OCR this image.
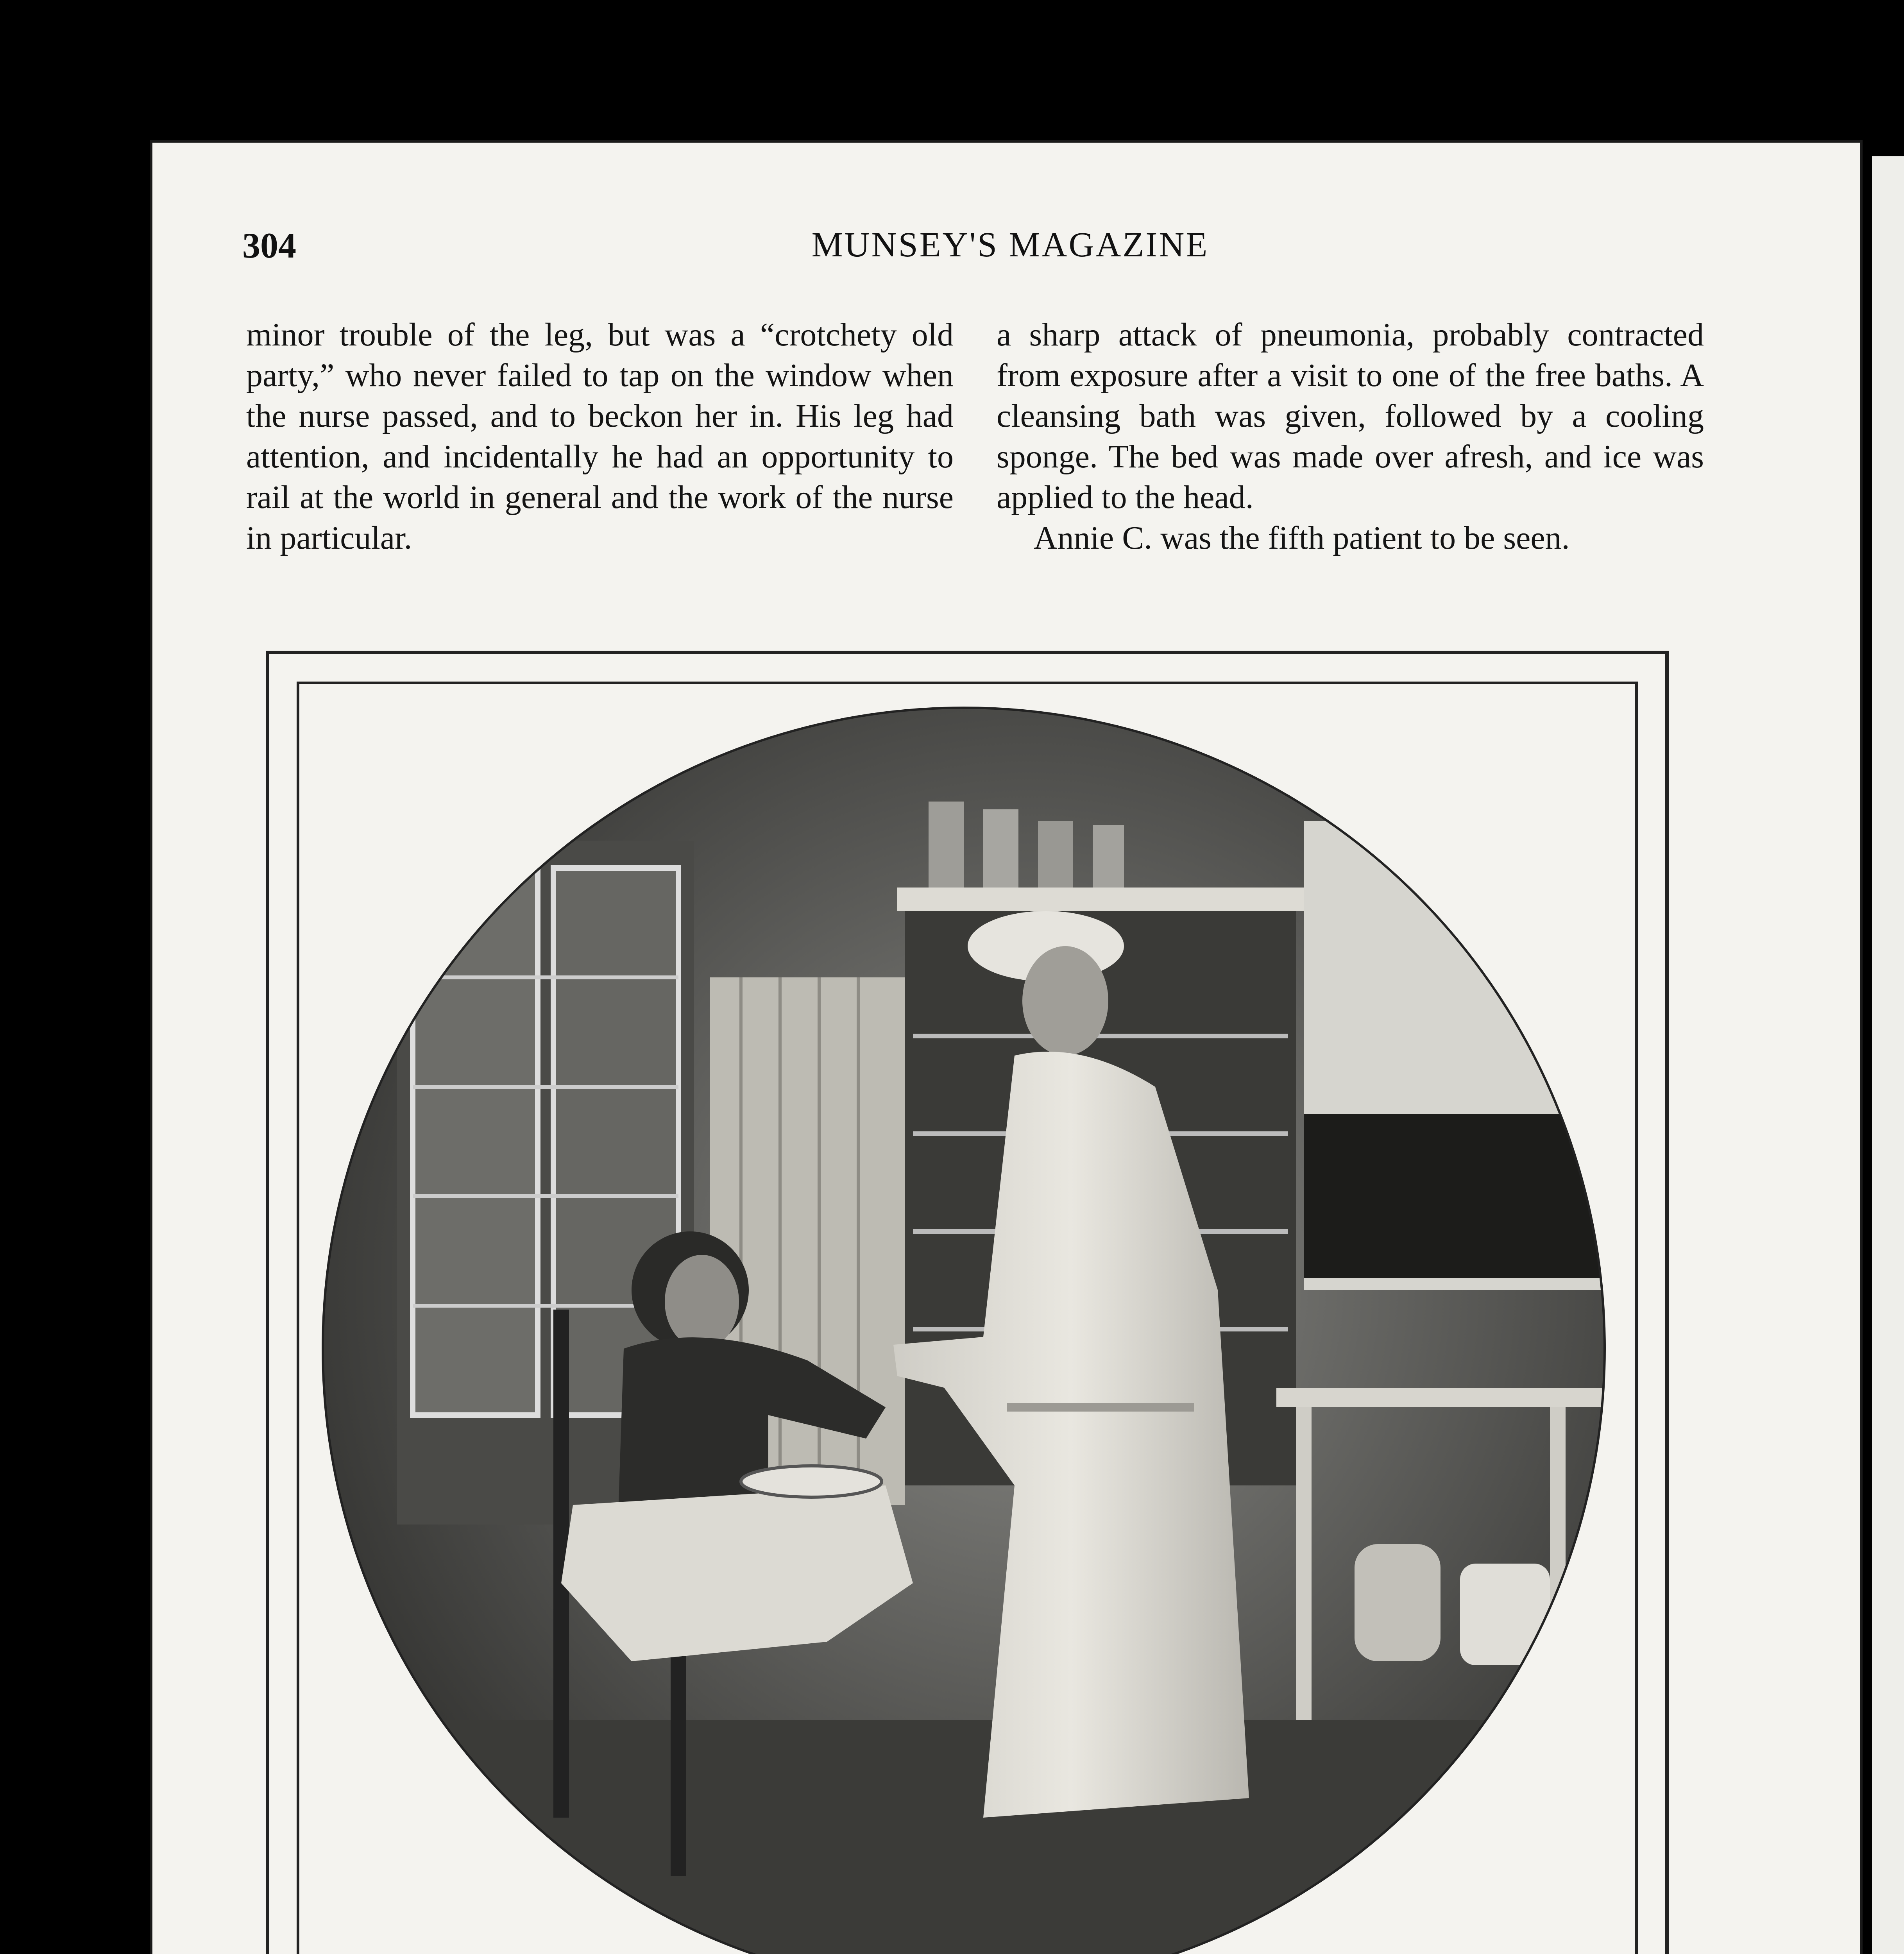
304	MUNSEY'S MAGAZINE

minor trouble of the leg, but was a “crotchety old party,” who never failed to tap on the window when the nurse passed, and to beckon her in. His leg had attention, and incidentally he had an opportunity to rail at the world in general and the work of the nurse in particular.

a sharp attack of pneumonia, probably contracted from exposure after a visit to one of the free baths. A cleansing bath was given, followed by a cooling sponge. The bed was made over afresh, and ice was applied to the head.

Annie C. was the fifth patient to be seen.
